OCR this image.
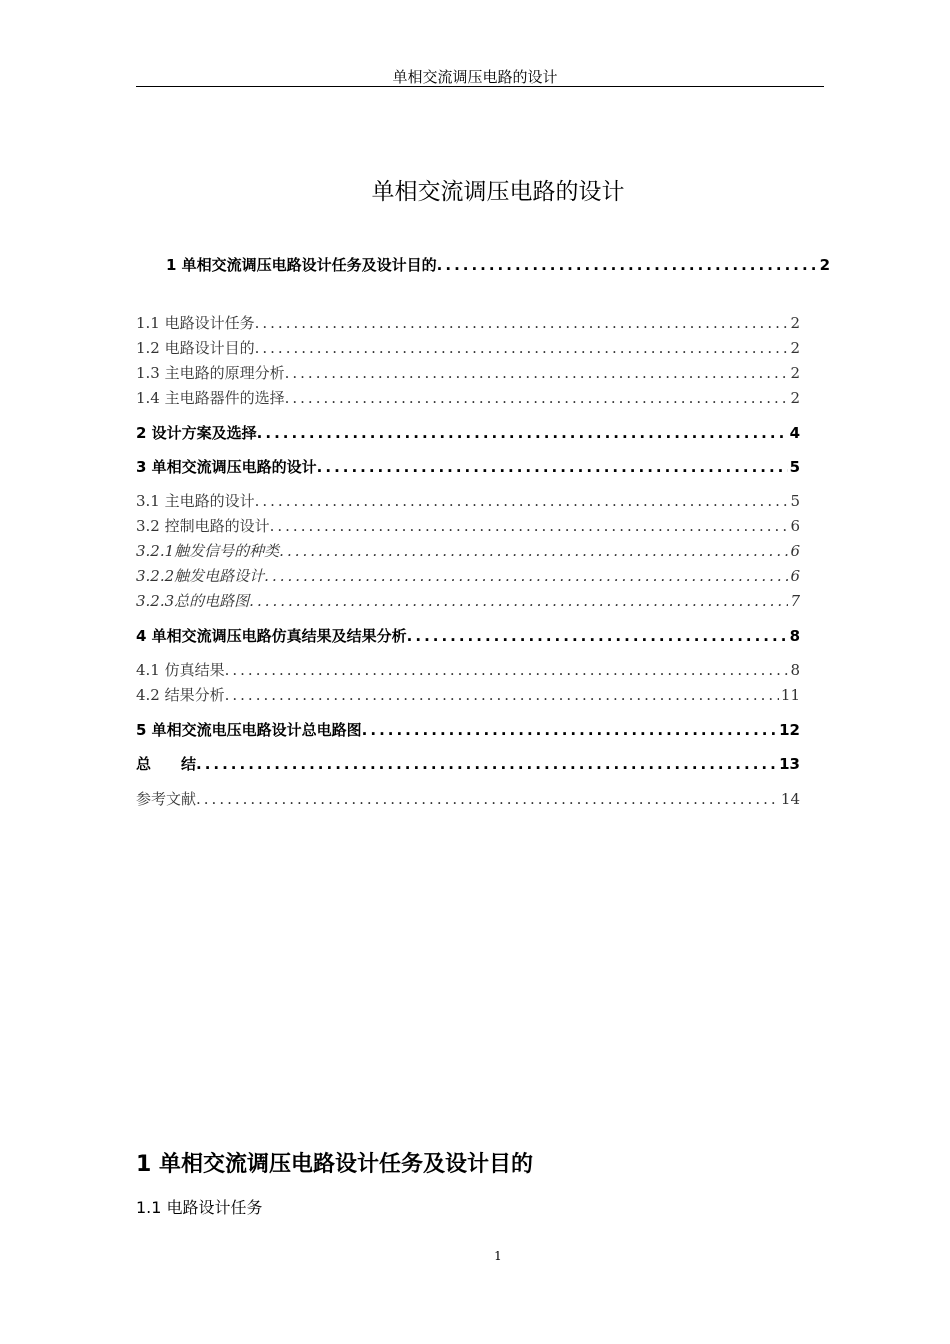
单相交流调压电路的设计
单相交流调压电路的设计
1 单相交流调压电路设计任务及设计目的 .....	2
1.1 电路设计任务 .....	2
1.2 电路设计目的 .....	2
1.3 主电路的原理分析 .....	2
1.4 主电路器件的选择 .....	2
2 设计方案及选择 .....	4
3 单相交流调压电路的设计 .....	5
3.1 主电路的设计 .....	5
3.2 控制电路的设计 .....	6
3.2.1触发信号的种类 .....	6
3.2.2触发电路设计 .....	6
3.2.3总的电路图 .....	7
4 单相交流调压电路仿真结果及结果分析 .....	8
4.1 仿真结果 .....	8
4.2 结果分析 .....	11
5 单相交流电压电路设计总电路图 .....	12
总　　结 .....	13
参考文献 .....	14
1 单相交流调压电路设计任务及设计目的
1.1 电路设计任务
1
